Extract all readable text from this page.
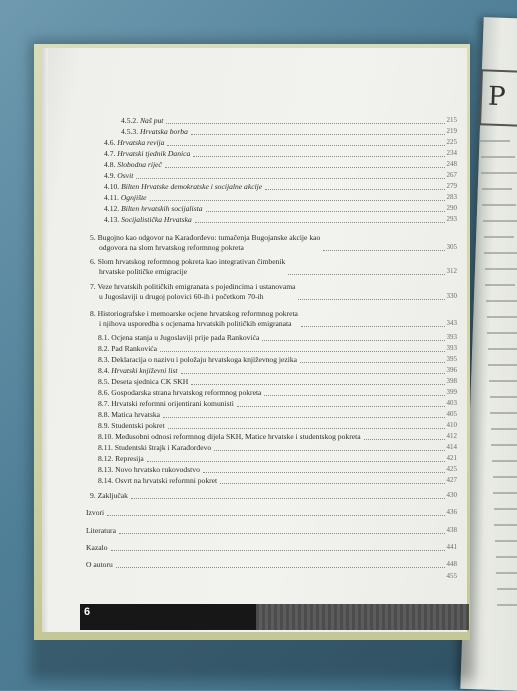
P
4.5.2. Naš put	215
4.5.3. Hrvatska borba	219
4.6. Hrvatska revija	225
4.7. Hrvatski tjednik Danica	234
4.8. Slobodna riječ	248
4.9. Osvit	267
4.10. Bilten Hrvatske demokratske i socijalne akcije	279
4.11. Ognjište	283
4.12. Bilten hrvatskih socijalista	290
4.13. Socijalistička Hrvatska	293
5. Bugojno kao odgovor na Karađorđevo: tumačenja Bugojanske akcije kao
odgovora na slom hrvatskog reformnog pokreta	305
6. Slom hrvatskog reformnog pokreta kao integrativan čimbenik
hrvatske političke emigracije	312
7. Veze hrvatskih političkih emigranata s pojedincima i ustanovama
u Jugoslaviji u drugoj polovici 60-ih i početkom 70-ih	330
8. Historiografske i memoarske ocjene hrvatskog reformnog pokreta
i njihova usporedba s ocjenama hrvatskih političkih emigranata	343
8.1. Ocjena stanja u Jugoslaviji prije pada Rankovića	393
8.2. Pad Rankovića	393
8.3. Deklaracija o nazivu i položaju hrvatskoga književnog jezika	395
8.4. Hrvatski književni list	396
8.5. Deseta sjednica CK SKH	398
8.6. Gospodarska strana hrvatskog reformnog pokreta	399
8.7. Hrvatski reformni orijentirani komunisti	403
8.8. Matica hrvatska	405
8.9. Studentski pokret	410
8.10. Međusobni odnosi reformnog dijela SKH, Matice hrvatske i studentskog pokreta	412
8.11. Studentski štrajk i Karađorđevo	414
8.12. Represija	421
8.13. Novo hrvatsko rukovodstvo	425
8.14. Osvrt na hrvatski reformni pokret	427
9. Zaključak	430
Izvori	436
Literatura	438
Kazalo	441
O autoru	448
455
6
